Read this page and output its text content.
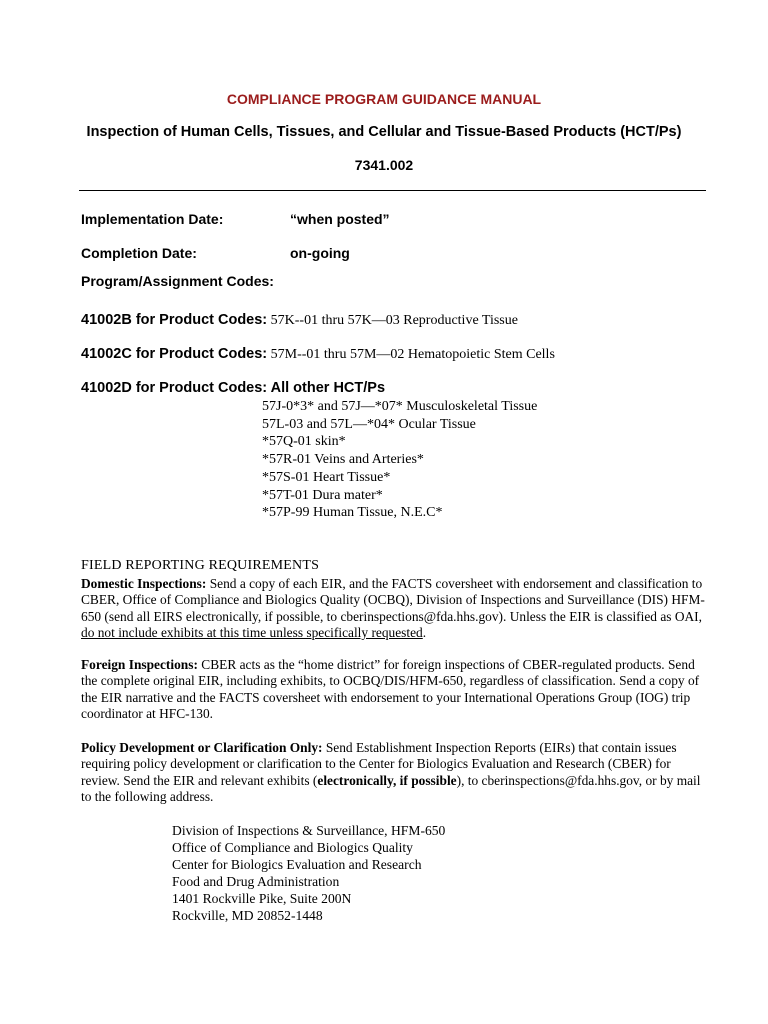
COMPLIANCE PROGRAM GUIDANCE MANUAL

Inspection of Human Cells, Tissues, and Cellular and Tissue-Based Products (HCT/Ps)

7341.002

Implementation Date:	“when posted”

Completion Date:	on-going

Program/Assignment Codes:

41002B for Product Codes: 57K--01 thru 57K—03 Reproductive Tissue

41002C for Product Codes: 57M--01 thru 57M—02 Hematopoietic Stem Cells

41002D for Product Codes: All other HCT/Ps

57J-0*3* and 57J—*07* Musculoskeletal Tissue
57L-03 and 57L—*04* Ocular Tissue
*57Q-01 skin*
*57R-01 Veins and Arteries*
*57S-01 Heart Tissue*
*57T-01 Dura mater*
*57P-99 Human Tissue, N.E.C*

FIELD REPORTING REQUIREMENTS

Domestic Inspections: Send a copy of each EIR, and the FACTS coversheet with endorsement and classification to CBER, Office of Compliance and Biologics Quality (OCBQ), Division of Inspections and Surveillance (DIS) HFM-650 (send all EIRS electronically, if possible, to cberinspections@fda.hhs.gov). Unless the EIR is classified as OAI, do not include exhibits at this time unless specifically requested.

Foreign Inspections: CBER acts as the “home district” for foreign inspections of CBER-regulated products. Send the complete original EIR, including exhibits, to OCBQ/DIS/HFM-650, regardless of classification. Send a copy of the EIR narrative and the FACTS coversheet with endorsement to your International Operations Group (IOG) trip coordinator at HFC-130.

Policy Development or Clarification Only: Send Establishment Inspection Reports (EIRs) that contain issues requiring policy development or clarification to the Center for Biologics Evaluation and Research (CBER) for review. Send the EIR and relevant exhibits (electronically, if possible), to cberinspections@fda.hhs.gov, or by mail to the following address.

Division of Inspections & Surveillance, HFM-650
Office of Compliance and Biologics Quality
Center for Biologics Evaluation and Research
Food and Drug Administration
1401 Rockville Pike, Suite 200N
Rockville, MD 20852-1448
